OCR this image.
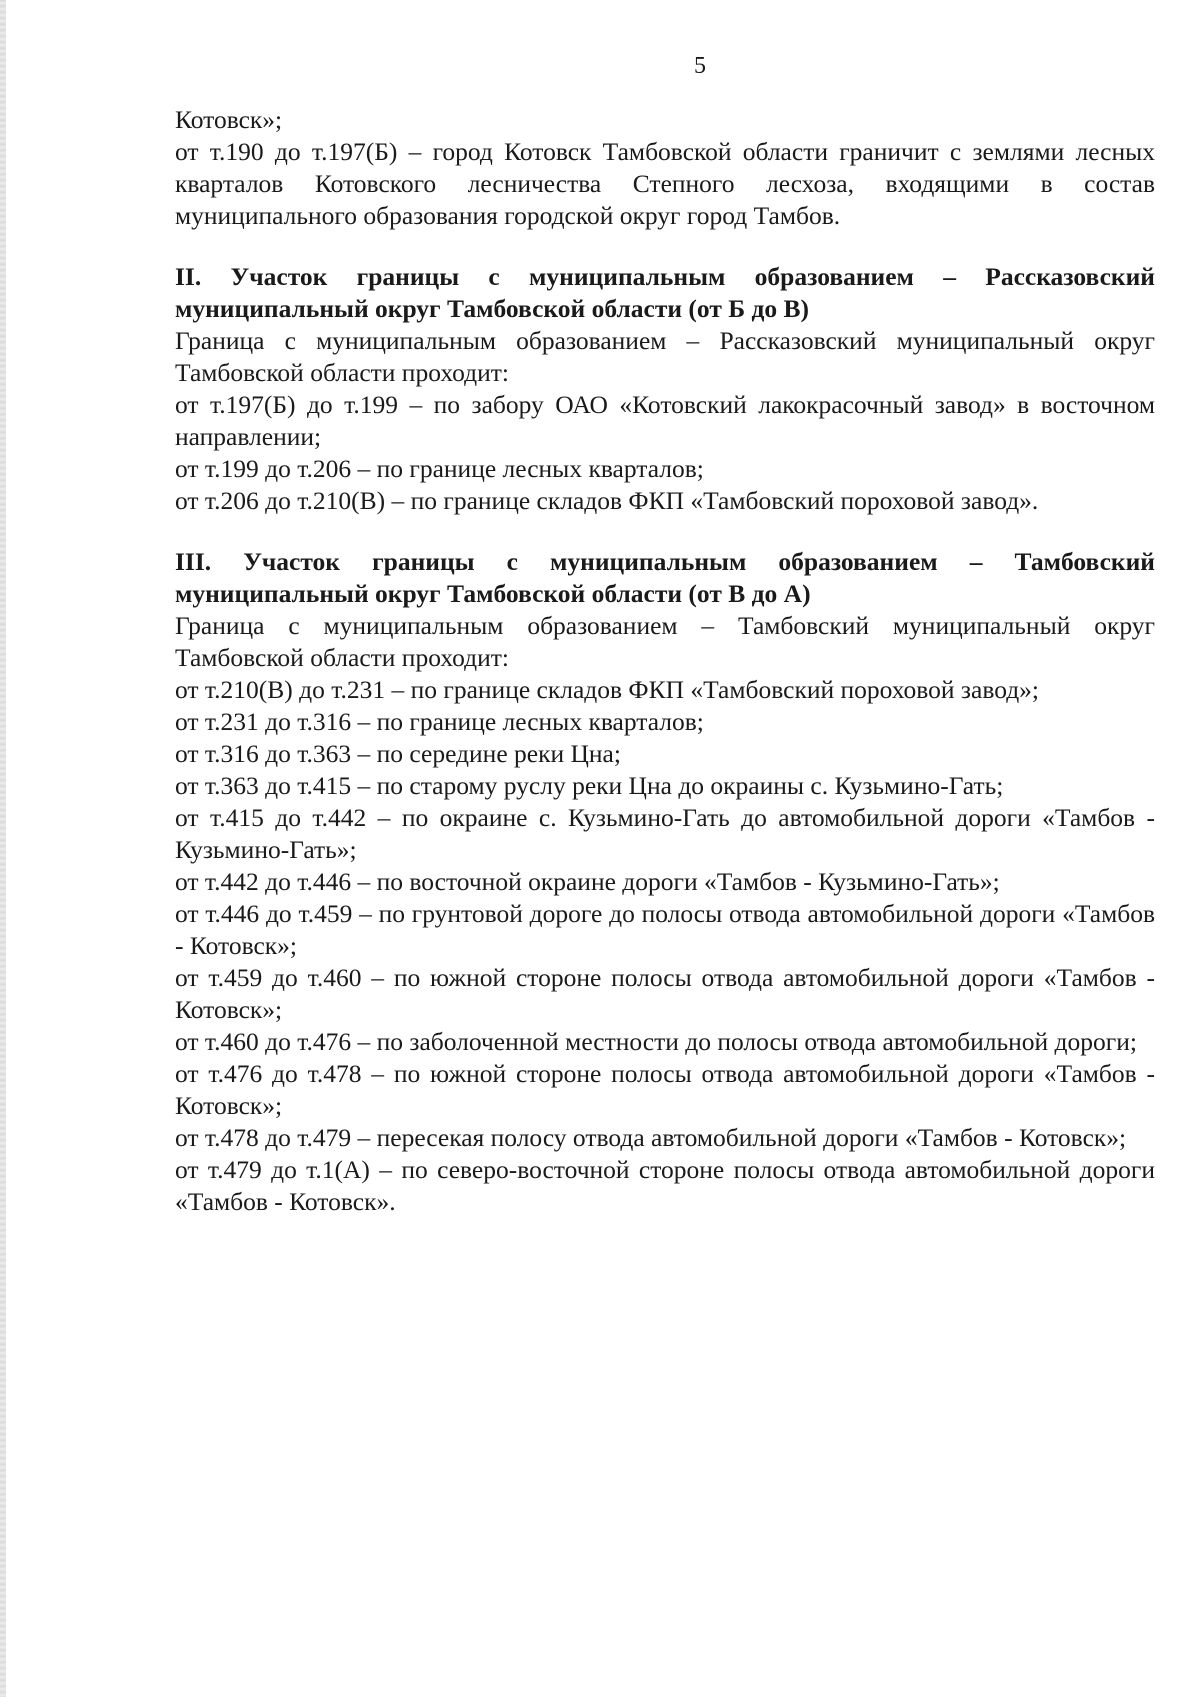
5

Котовск»;

от т.190 до т.197(Б) – город Котовск Тамбовской области граничит с землями лесных кварталов Котовского лесничества Степного лесхоза, входящими в состав муниципального образования городской округ город Тамбов.

II. Участок границы с муниципальным образованием – Рассказовский муниципальный округ Тамбовской области (от Б до В)

Граница с муниципальным образованием – Рассказовский муниципальный округ Тамбовской области проходит:

от т.197(Б) до т.199 – по забору ОАО «Котовский лакокрасочный завод» в восточном направлении;

от т.199 до т.206 – по границе лесных кварталов;

от т.206 до т.210(В) – по границе складов ФКП «Тамбовский пороховой завод».

III. Участок границы с муниципальным образованием – Тамбовский муниципальный округ Тамбовской области (от В до А)

Граница с муниципальным образованием – Тамбовский муниципальный округ Тамбовской области проходит:

от т.210(В) до т.231 – по границе складов ФКП «Тамбовский пороховой завод»;

от т.231 до т.316 – по границе лесных кварталов;

от т.316 до т.363 – по середине реки Цна;

от т.363 до т.415 – по старому руслу реки Цна до окраины с. Кузьмино-Гать;

от т.415 до т.442 – по окраине с. Кузьмино-Гать до автомобильной дороги «Тамбов - Кузьмино-Гать»;

от т.442 до т.446 – по восточной окраине дороги «Тамбов - Кузьмино-Гать»;

от т.446 до т.459 – по грунтовой дороге до полосы отвода автомобильной дороги «Тамбов - Котовск»;

от т.459 до т.460 – по южной стороне полосы отвода автомобильной дороги «Тамбов - Котовск»;

от т.460 до т.476 – по заболоченной местности до полосы отвода автомобильной дороги;

от т.476 до т.478 – по южной стороне полосы отвода автомобильной дороги «Тамбов - Котовск»;

от т.478 до т.479 – пересекая полосу отвода автомобильной дороги «Тамбов - Котовск»;

от т.479 до т.1(А) – по северо-восточной стороне полосы отвода автомобильной дороги «Тамбов - Котовск».
